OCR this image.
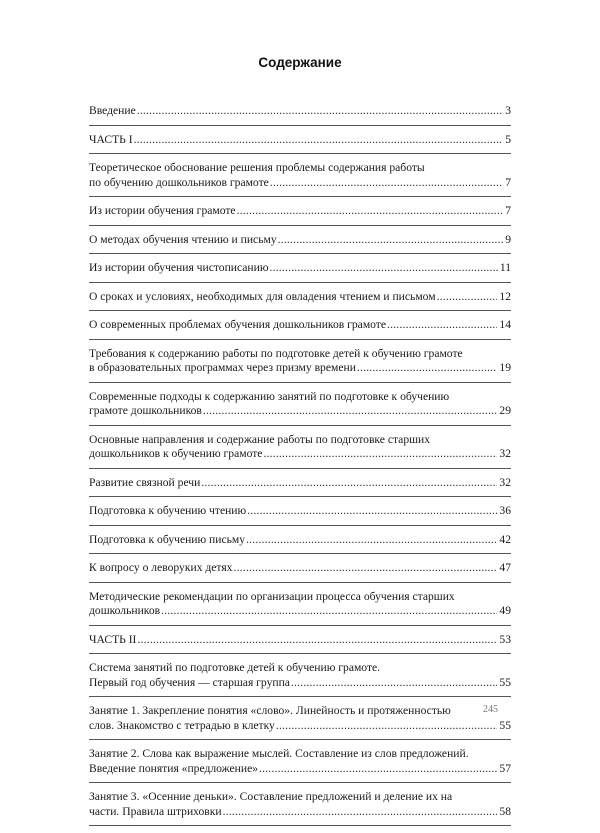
Содержание
Введение .....	3
ЧАСТЬ I .....	5
Теоретическое обоснование решения проблемы содержания работы
по обучению дошкольников грамоте .....	7
Из истории обучения грамоте .....	7
О методах обучения чтению и письму .....	9
Из истории обучения чистописанию .....	11
О сроках и условиях, необходимых для овладения чтением и письмом .....	12
О современных проблемах обучения дошкольников грамоте .....	14
Требования к содержанию работы по подготовке детей к обучению грамоте
в образовательных программах через призму времени .....	19
Современные подходы к содержанию занятий по подготовке к обучению
грамоте дошкольников .....	29
Основные направления и содержание работы по подготовке старших
дошкольников к обучению грамоте .....	32
Развитие связной речи .....	32
Подготовка к обучению чтению .....	36
Подготовка к обучению письму .....	42
К вопросу о леворуких детях .....	47
Методические рекомендации по организации процесса обучения старших
дошкольников .....	49
ЧАСТЬ II .....	53
Система занятий по подготовке детей к обучению грамоте.
Первый год обучения — старшая группа .....	55
Занятие 1. Закрепление понятия «слово». Линейность и протяженностью
слов. Знакомство с тетрадью в клетку .....	55
Занятие 2. Слова как выражение мыслей. Составление из слов предложений.
Введение понятия «предложение» .....	57
Занятие 3. «Осенние деньки». Составление предложений и деление их на
части. Правила штриховки .....	58
245
